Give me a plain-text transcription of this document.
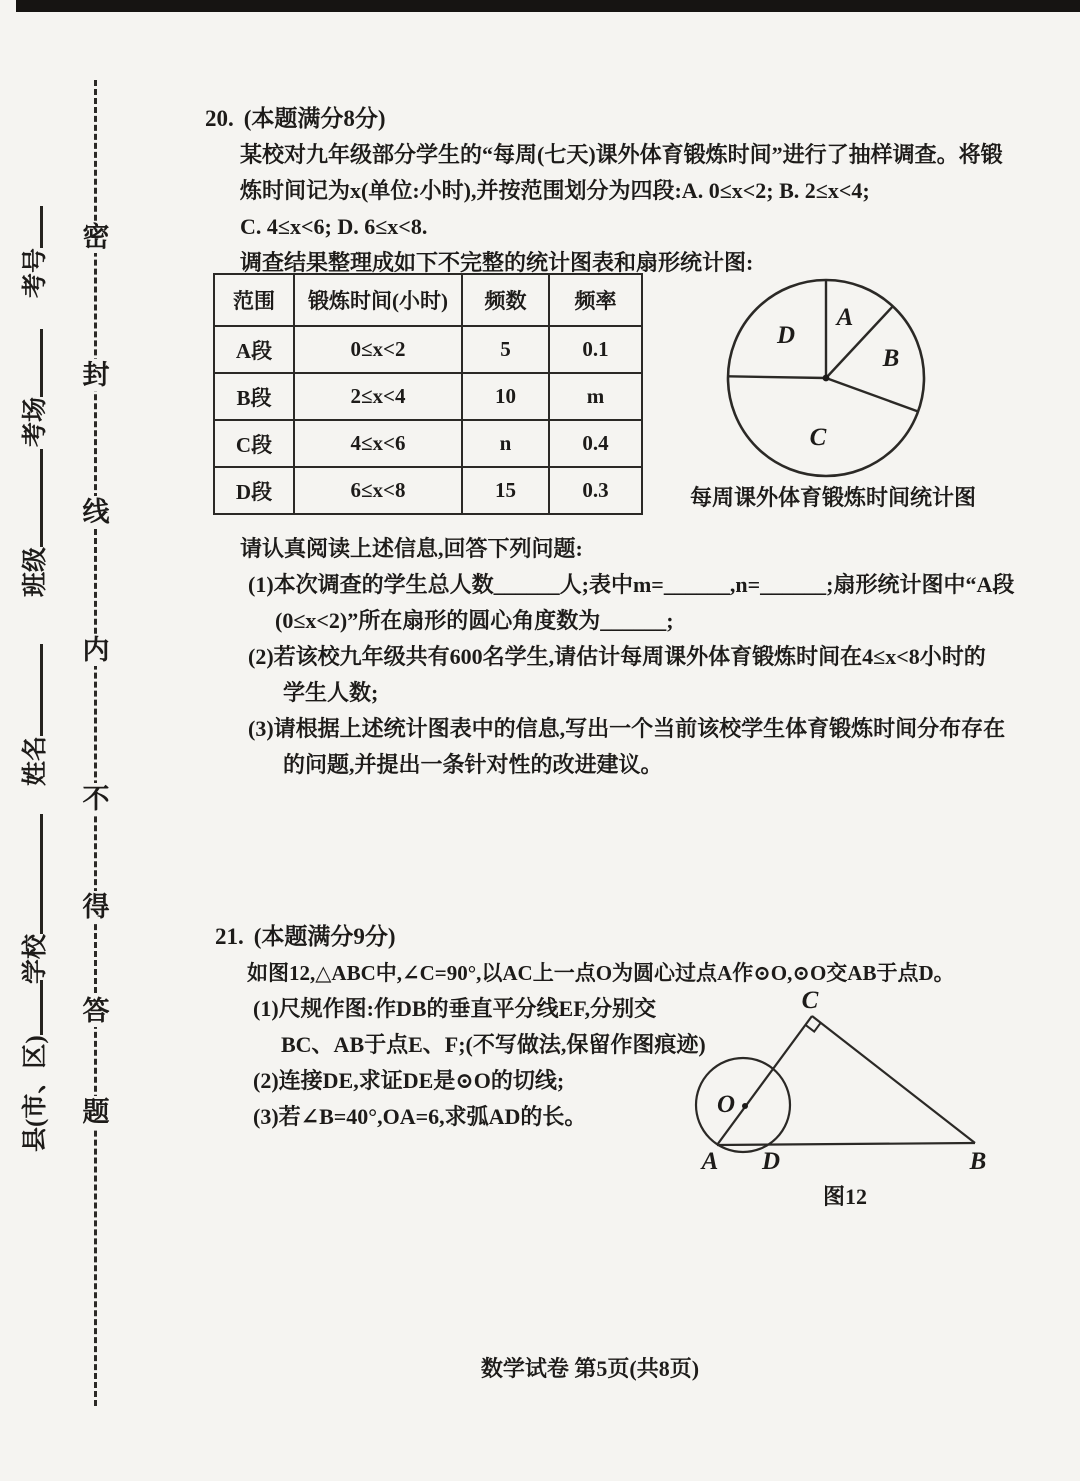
密
封
线
内
不
得
答
题
考号
考场
班级
姓名
学校
县(市、区)
20. (本题满分8分)
某校对九年级部分学生的“每周(七天)课外体育锻炼时间”进行了抽样调查。将锻
炼时间记为x(单位:小时),并按范围划分为四段:A. 0≤x<2; B. 2≤x<4;
C. 4≤x<6; D. 6≤x<8.
调查结果整理成如下不完整的统计图表和扇形统计图:
范围	锻炼时间(小时)	频数	频率
A段	0≤x<2	5	0.1
B段	2≤x<4	10	m
C段	4≤x<6	n	0.4
D段	6≤x<8	15	0.3
A
B
C
D
每周课外体育锻炼时间统计图
请认真阅读上述信息,回答下列问题:
(1)本次调查的学生总人数______人;表中m=______,n=______;扇形统计图中“A段
(0≤x<2)”所在扇形的圆心角度数为______;
(2)若该校九年级共有600名学生,请估计每周课外体育锻炼时间在4≤x<8小时的
学生人数;
(3)请根据上述统计图表中的信息,写出一个当前该校学生体育锻炼时间分布存在
的问题,并提出一条针对性的改进建议。
21. (本题满分9分)
如图12,△ABC中,∠C=90°,以AC上一点O为圆心过点A作⊙O,⊙O交AB于点D。
(1)尺规作图:作DB的垂直平分线EF,分别交
BC、AB于点E、F;(不写做法,保留作图痕迹)
(2)连接DE,求证DE是⊙O的切线;
(3)若∠B=40°,OA=6,求弧AD的长。
C
O
A D	B
图12
数学试卷 第5页(共8页)
